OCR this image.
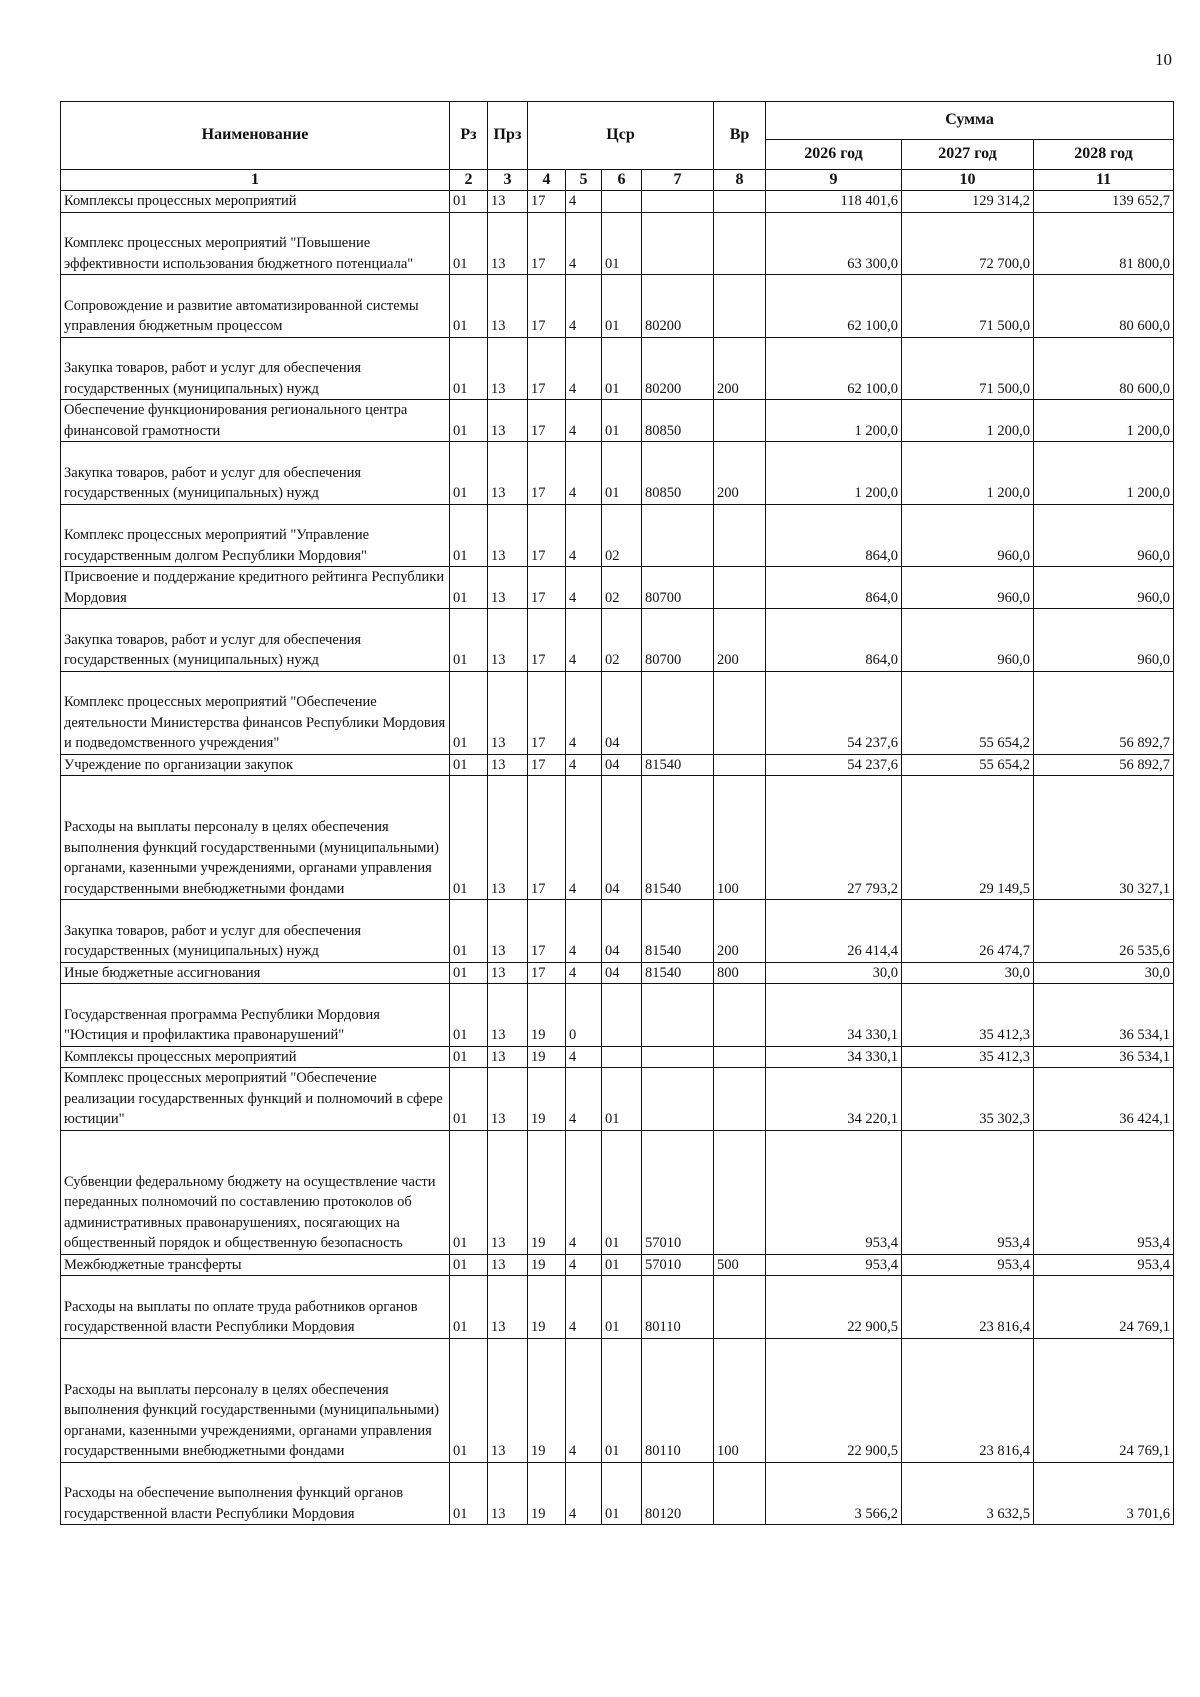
10
Наименование	Рз	Прз	Цср				Вр	Сумма		
								2026 год	2027 год	2028 год
1	2	3	4	5	6	7	8	9	10	11
Комплексы процессных мероприятий	01	13	17	4				118 401,6	129 314,2	139 652,7
Комплекс процессных мероприятий "Повышение эффективности использования бюджетного потенциала"	01	13	17	4	01			63 300,0	72 700,0	81 800,0
Сопровождение и развитие автоматизированной системы управления бюджетным процессом	01	13	17	4	01	80200		62 100,0	71 500,0	80 600,0
Закупка товаров, работ и услуг для обеспечения государственных (муниципальных) нужд	01	13	17	4	01	80200	200	62 100,0	71 500,0	80 600,0
Обеспечение функционирования регионального центра финансовой грамотности	01	13	17	4	01	80850		1 200,0	1 200,0	1 200,0
Закупка товаров, работ и услуг для обеспечения государственных (муниципальных) нужд	01	13	17	4	01	80850	200	1 200,0	1 200,0	1 200,0
Комплекс процессных мероприятий "Управление государственным долгом Республики Мордовия"	01	13	17	4	02			864,0	960,0	960,0
Присвоение и поддержание кредитного рейтинга Республики Мордовия	01	13	17	4	02	80700		864,0	960,0	960,0
Закупка товаров, работ и услуг для обеспечения государственных (муниципальных) нужд	01	13	17	4	02	80700	200	864,0	960,0	960,0
Комплекс процессных мероприятий "Обеспечение деятельности Министерства финансов Республики Мордовия и подведомственного учреждения"	01	13	17	4	04			54 237,6	55 654,2	56 892,7
Учреждение по организации закупок	01	13	17	4	04	81540		54 237,6	55 654,2	56 892,7
Расходы на выплаты персоналу в целях обеспечения выполнения функций государственными (муниципальными) органами, казенными учреждениями, органами управления государственными внебюджетными фондами	01	13	17	4	04	81540	100	27 793,2	29 149,5	30 327,1
Закупка товаров, работ и услуг для обеспечения государственных (муниципальных) нужд	01	13	17	4	04	81540	200	26 414,4	26 474,7	26 535,6
Иные бюджетные ассигнования	01	13	17	4	04	81540	800	30,0	30,0	30,0
Государственная программа Республики Мордовия "Юстиция и профилактика правонарушений"	01	13	19	0				34 330,1	35 412,3	36 534,1
Комплексы процессных мероприятий	01	13	19	4				34 330,1	35 412,3	36 534,1
Комплекс процессных мероприятий "Обеспечение реализации государственных функций и полномочий в сфере юстиции"	01	13	19	4	01			34 220,1	35 302,3	36 424,1
Субвенции федеральному бюджету на осуществление части переданных полномочий по составлению протоколов об административных правонарушениях, посягающих на общественный порядок и общественную безопасность	01	13	19	4	01	57010		953,4	953,4	953,4
Межбюджетные трансферты	01	13	19	4	01	57010	500	953,4	953,4	953,4
Расходы на выплаты по оплате труда работников органов государственной власти Республики Мордовия	01	13	19	4	01	80110		22 900,5	23 816,4	24 769,1
Расходы на выплаты персоналу в целях обеспечения выполнения функций государственными (муниципальными) органами, казенными учреждениями, органами управления государственными внебюджетными фондами	01	13	19	4	01	80110	100	22 900,5	23 816,4	24 769,1
Расходы на обеспечение выполнения функций органов государственной власти Республики Мордовия	01	13	19	4	01	80120		3 566,2	3 632,5	3 701,6
